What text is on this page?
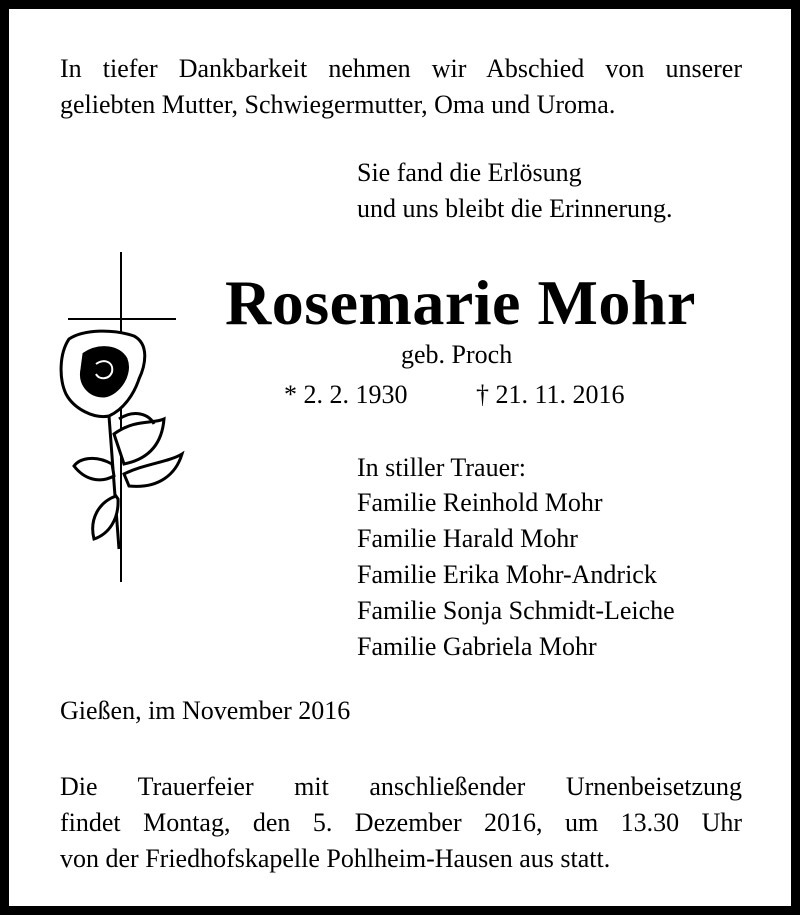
In tiefer Dankbarkeit nehmen wir Abschied von unserer
geliebten Mutter, Schwiegermutter, Oma und Uroma.
Sie fand die Erlösung
und uns bleibt die Erinnerung.
Rosemarie Mohr
geb. Proch
* 2. 2. 1930	† 21. 11. 2016
In stiller Trauer:
Familie Reinhold Mohr
Familie Harald Mohr
Familie Erika Mohr-Andrick
Familie Sonja Schmidt-Leiche
Familie Gabriela Mohr
Gießen, im November 2016
Die Trauerfeier mit anschließender Urnenbeisetzung
findet Montag, den 5. Dezember 2016, um 13.30 Uhr
von der Friedhofskapelle Pohlheim-Hausen aus statt.
